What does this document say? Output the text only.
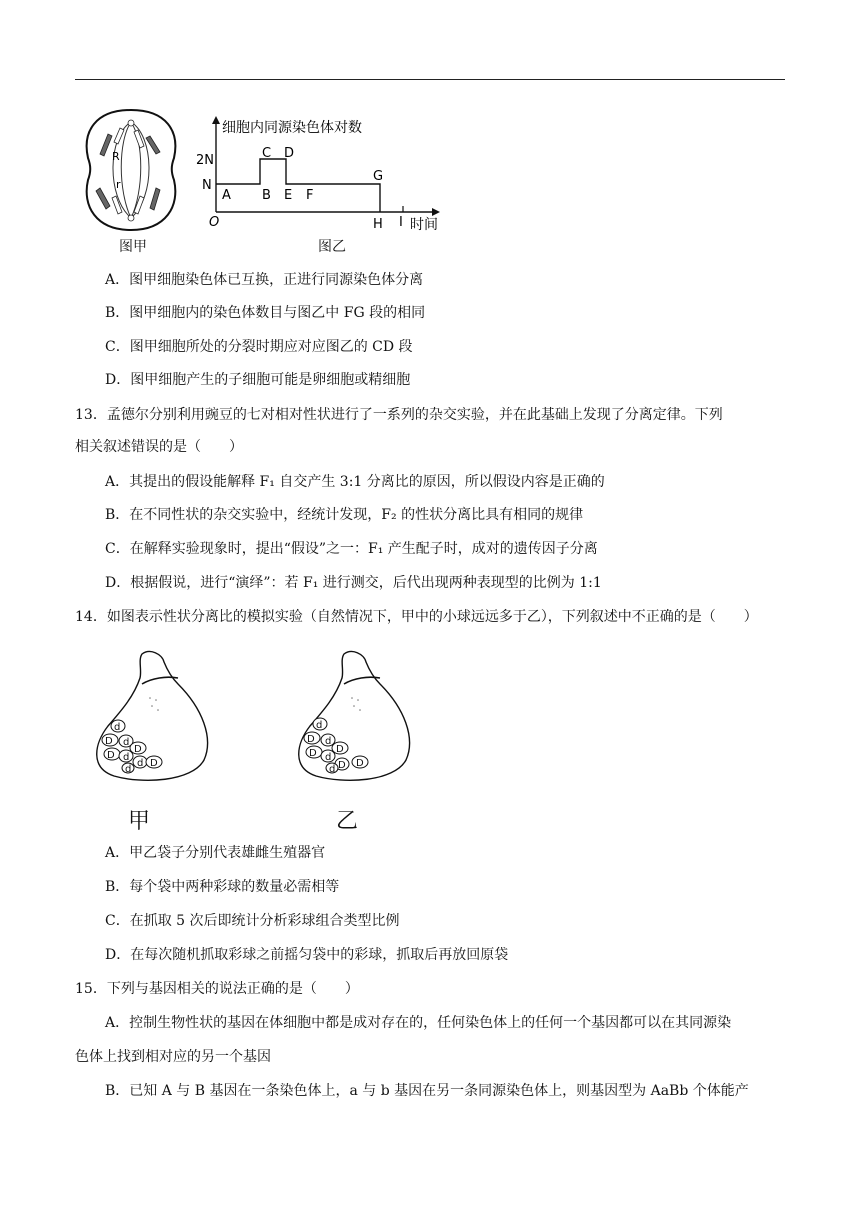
R
r
图甲
细胞内同源染色体对数
2N
N
O
A B
C D
E F
G
H I 时间
图乙
A．图甲细胞染色体已互换，正进行同源染色体分离
B．图甲细胞内的染色体数目与图乙中 FG 段的相同
C．图甲细胞所处的分裂时期应对应图乙的 CD 段
D．图甲细胞产生的子细胞可能是卵细胞或精细胞
13．孟德尔分别利用豌豆的七对相对性状进行了一系列的杂交实验，并在此基础上发现了分离定律。下列
相关叙述错误的是（　　）
A．其提出的假设能解释 F₁ 自交产生 3:1 分离比的原因，所以假设内容是正确的
B．在不同性状的杂交实验中，经统计发现，F₂ 的性状分离比具有相同的规律
C．在解释实验现象时，提出“假设”之一：F₁ 产生配子时，成对的遗传因子分离
D．根据假说，进行“演绎”：若 F₁ 进行测交，后代出现两种表现型的比例为 1:1
14．如图表示性状分离比的模拟实验（自然情况下，甲中的小球远远多于乙），下列叙述中不正确的是（　　）
d
D d
D
D d
d D
d
甲
d
D d
D
D d
D D
d
乙
A．甲乙袋子分别代表雄雌生殖器官
B．每个袋中两种彩球的数量必需相等
C．在抓取 5 次后即统计分析彩球组合类型比例
D．在每次随机抓取彩球之前摇匀袋中的彩球，抓取后再放回原袋
15．下列与基因相关的说法正确的是（　　）
A．控制生物性状的基因在体细胞中都是成对存在的，任何染色体上的任何一个基因都可以在其同源染
色体上找到相对应的另一个基因
B．已知 A 与 B 基因在一条染色体上，a 与 b 基因在另一条同源染色体上，则基因型为 AaBb 个体能产
